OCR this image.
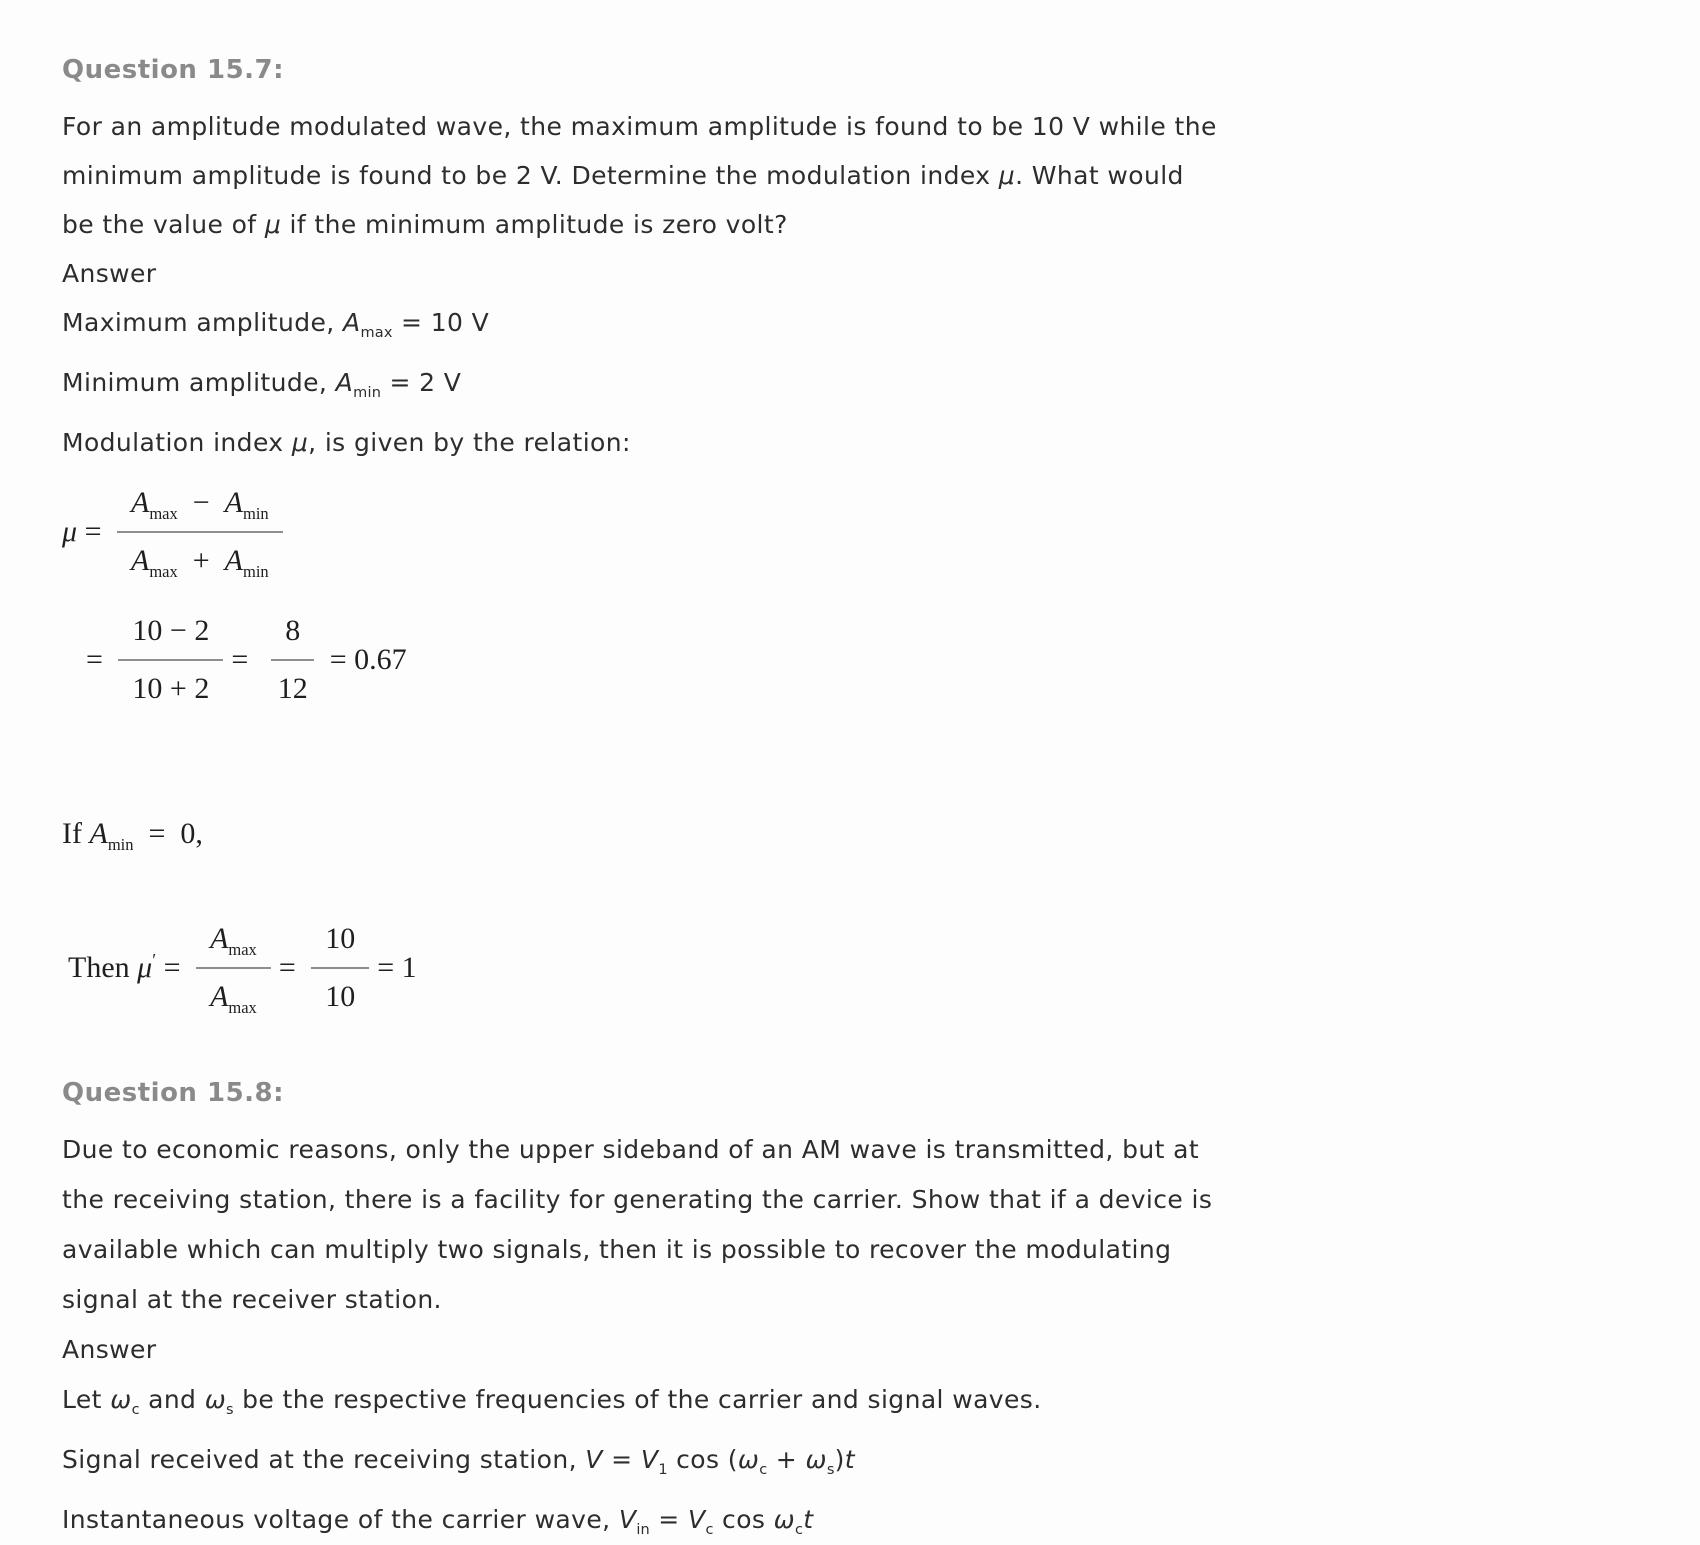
Question 15.7:
For an amplitude modulated wave, the maximum amplitude is found to be 10 V while the
minimum amplitude is found to be 2 V. Determine the modulation index μ. What would
be the value of μ if the minimum amplitude is zero volt?
Answer
Maximum amplitude, $A_{max} = 10$ V
Minimum amplitude, $A_{min} = 2$ V
Modulation index μ, is given by the relation:
$\mu = \frac{A_{max} - A_{min}}{A_{max} + A_{min}}$
= $\frac{10 - 2}{10 + 2} = \frac{8}{12} = 0.67$
If $A_{min} = 0$,
Then $\mu' = \frac{A_{max}}{A_{max}} = \frac{10}{10} = 1$
Question 15.8:
Due to economic reasons, only the upper sideband of an AM wave is transmitted, but at
the receiving station, there is a facility for generating the carrier. Show that if a device is
available which can multiply two signals, then it is possible to recover the modulating
signal at the receiver station.
Answer
Let $\omega_c$ and $\omega_s$ be the respective frequencies of the carrier and signal waves.
Signal received at the receiving station, $V = V_1$ $\cos (\omega_c + \omega_s)t$
Instantaneous voltage of the carrier wave, $V_{in} = V_c$ $\cos \omega_ct$
